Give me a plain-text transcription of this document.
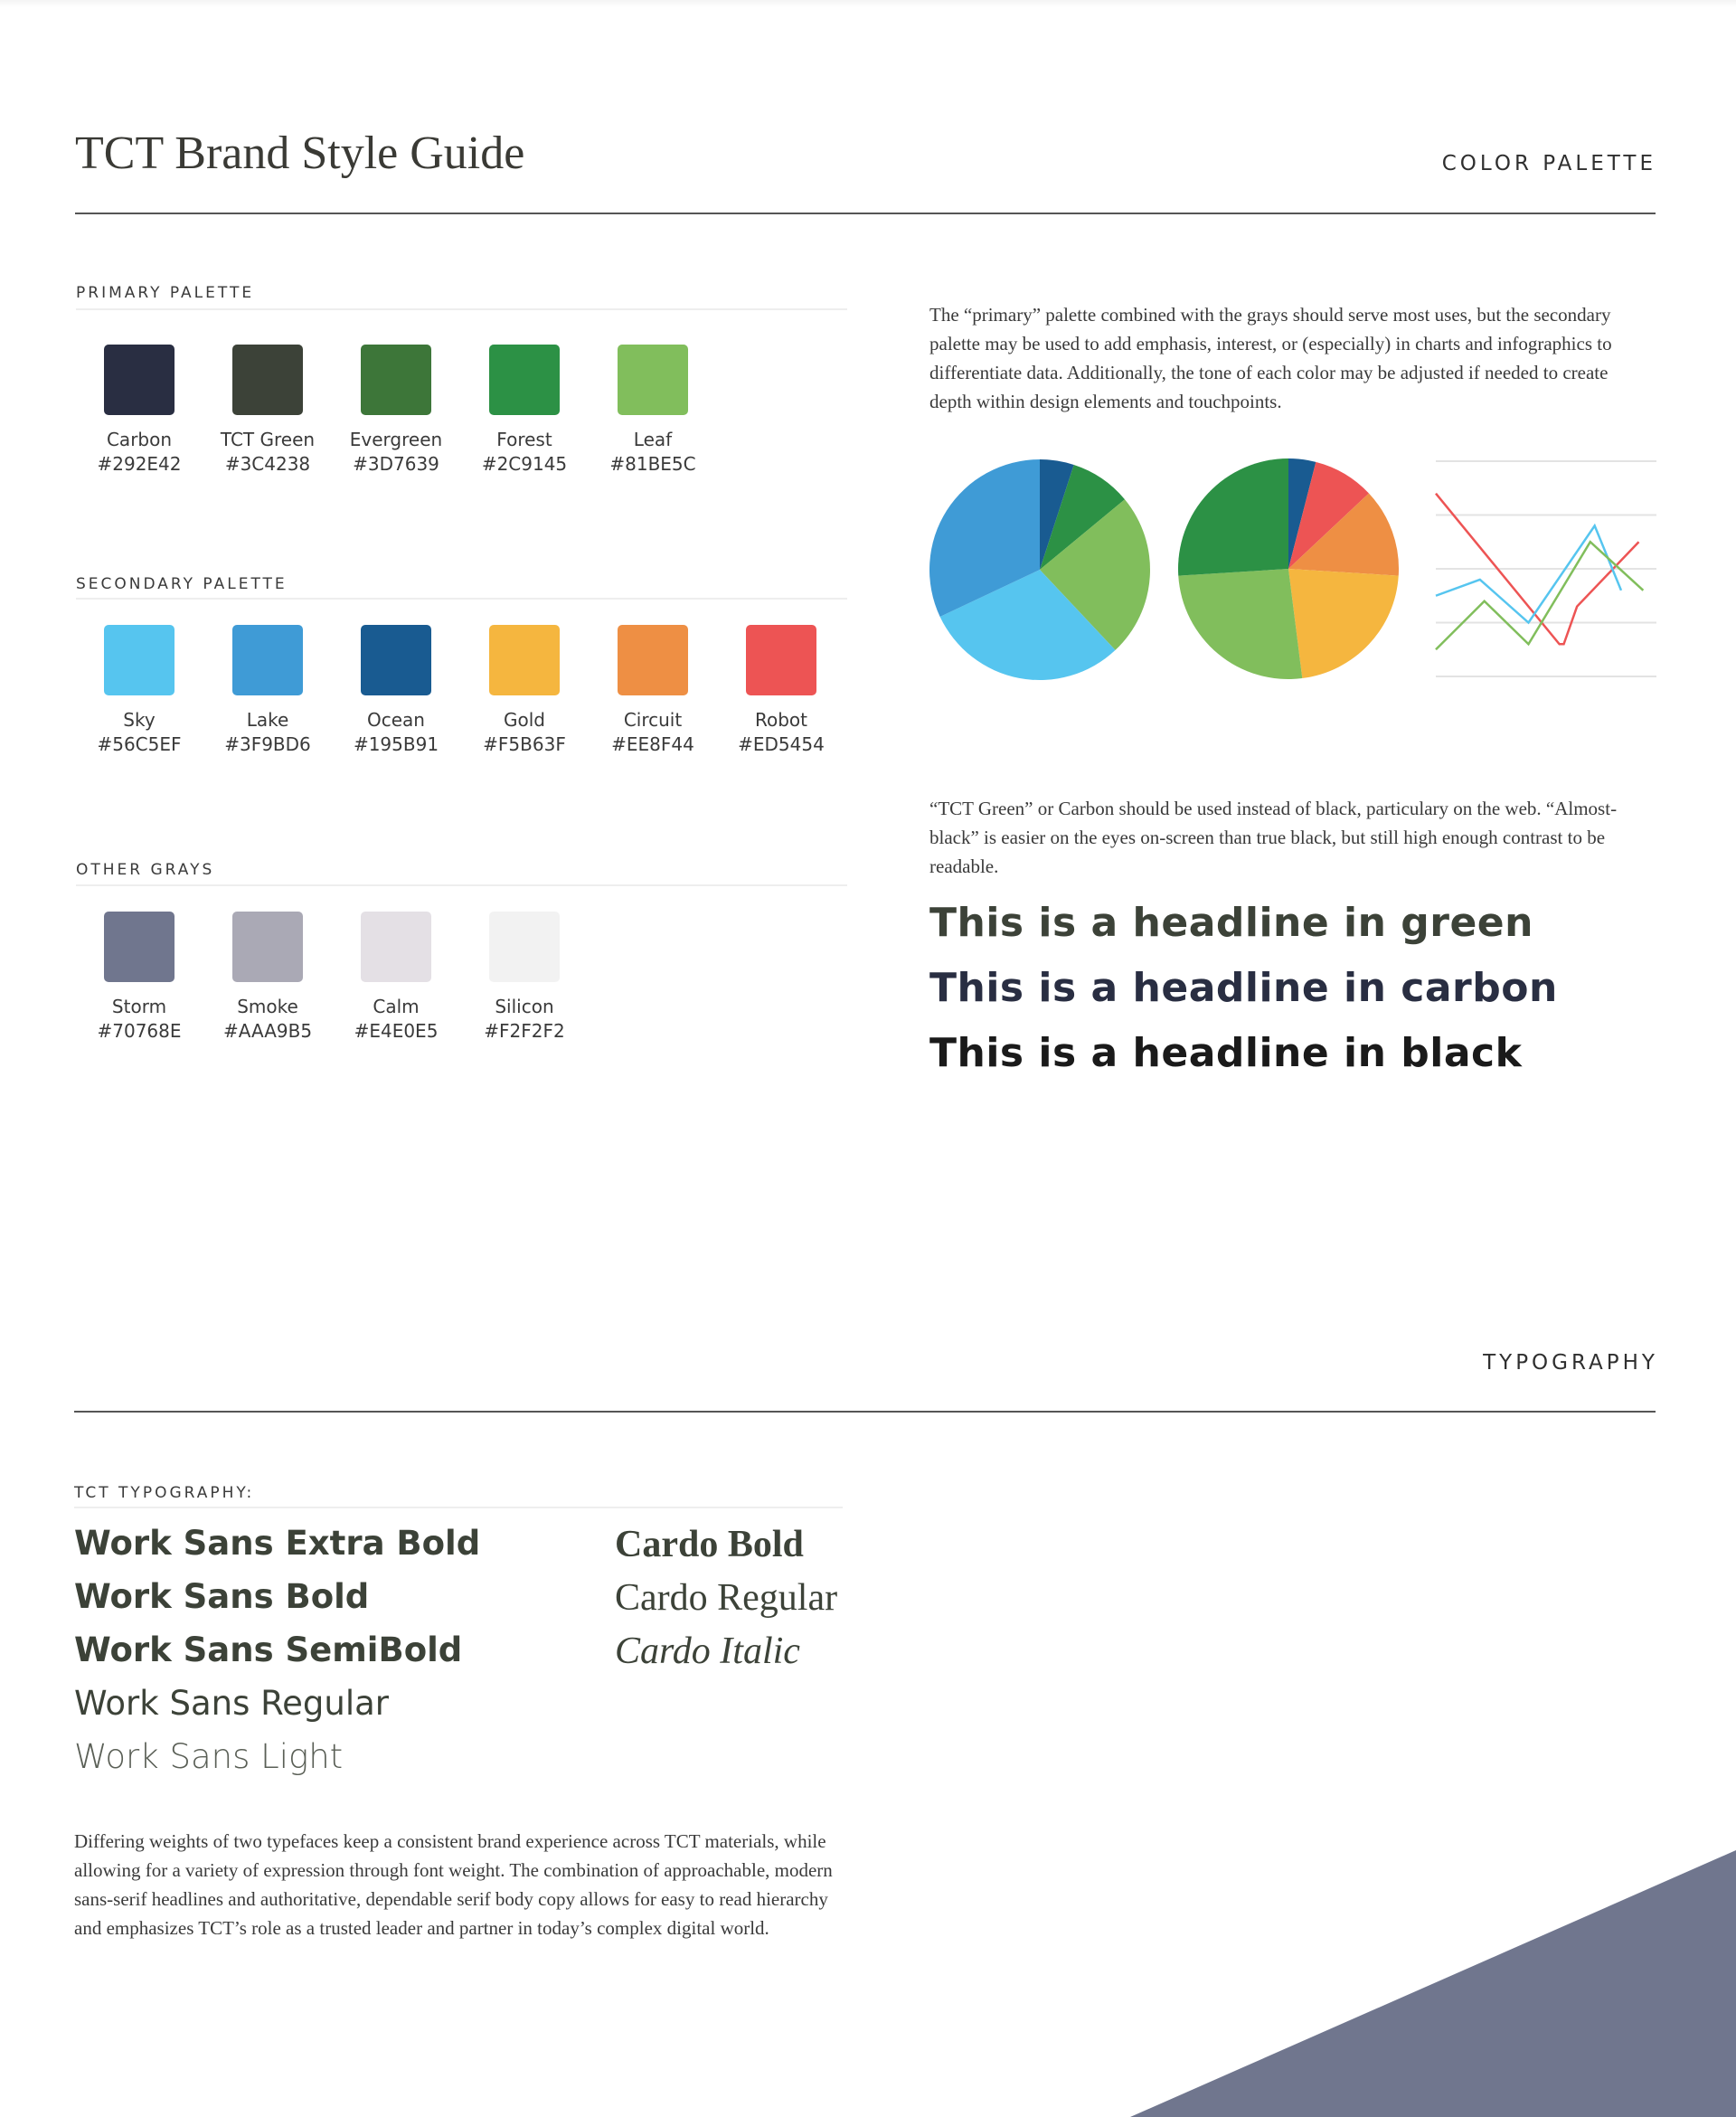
TCT Brand Style Guide	COLOR PALETTE
PRIMARY PALETTE
Carbon
#292E42
TCT Green
#3C4238
Evergreen
#3D7639
Forest
#2C9145
Leaf
#81BE5C
SECONDARY PALETTE
Sky
#56C5EF
Lake
#3F9BD6
Ocean
#195B91
Gold
#F5B63F
Circuit
#EE8F44
Robot
#ED5454
OTHER GRAYS
Storm
#70768E
Smoke
#AAA9B5
Calm
#E4E0E5
Silicon
#F2F2F2
The “primary” palette combined with the grays should serve most uses, but the secondary palette may be used to add emphasis, interest, or (especially) in charts and infographics to differentiate data. Additionally, the tone of each color may be adjusted if needed to create depth within design elements and touchpoints.
“TCT Green” or Carbon should be used instead of black, particulary on the web. “Almost-black” is easier on the eyes on-screen than true black, but still high enough contrast to be readable.
This is a headline in green
This is a headline in carbon
This is a headline in black
TYPOGRAPHY
TCT TYPOGRAPHY:
Work Sans Extra Bold
Work Sans Bold
Work Sans SemiBold
Work Sans Regular
Work Sans Light
Cardo Bold
Cardo Regular
Cardo Italic
Differing weights of two typefaces keep a consistent brand experience across TCT materials, while allowing for a variety of expression through font weight. The combination of approachable, modern sans-serif headlines and authoritative, dependable serif body copy allows for easy to read hierarchy and emphasizes TCT’s role as a trusted leader and partner in today’s complex digital world.
